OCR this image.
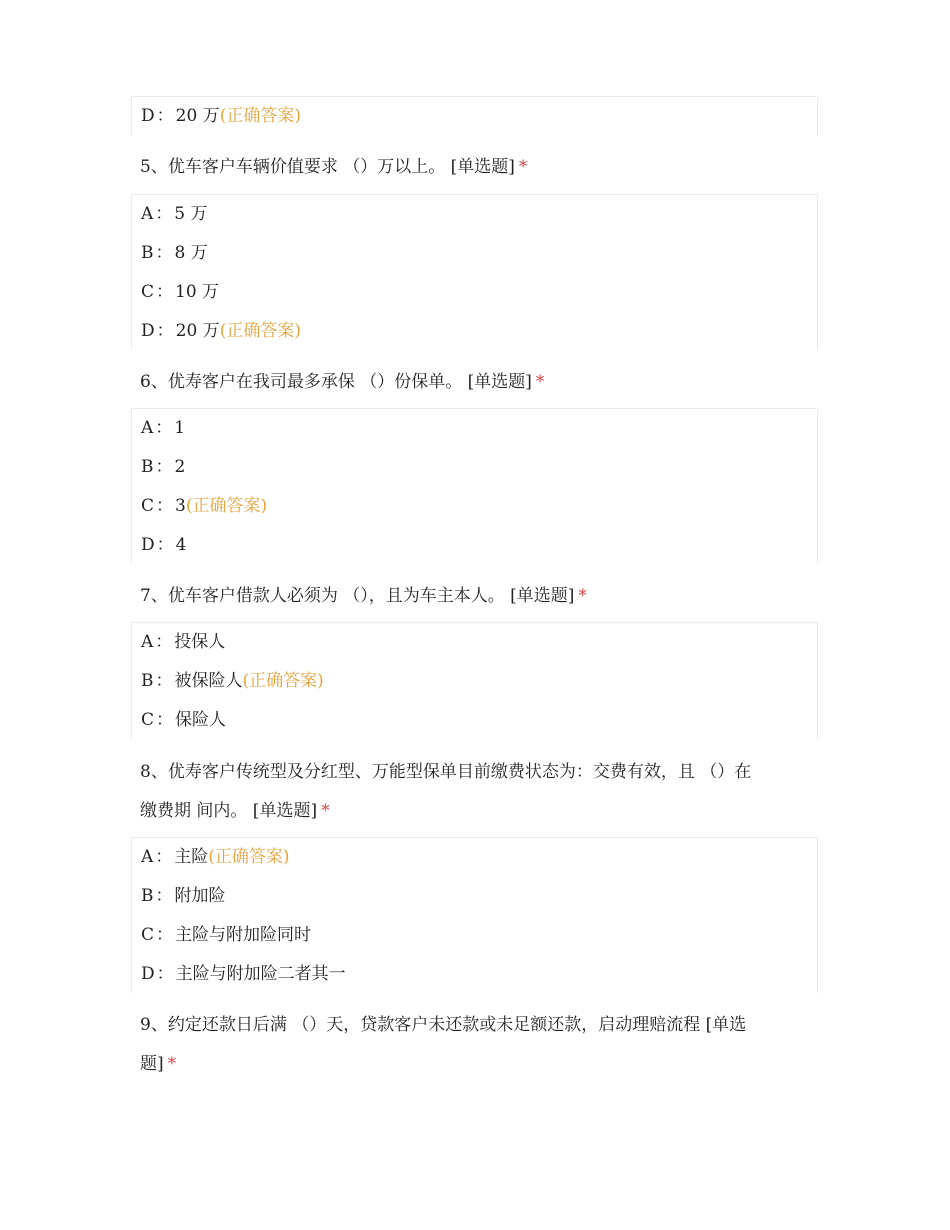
D ： 20 万(正确答案)
5、优车客户车辆价值要求 （）万以上。 [单选题] *
A ： 5 万
B ： 8 万
C ： 10 万
D ： 20 万(正确答案)
6、优寿客户在我司最多承保 （）份保单。 [单选题] *
A ： 1
B ： 2
C ： 3(正确答案)
D ： 4
7、优车客户借款人必须为 （），且为车主本人。 [单选题] *
A ： 投保人
B ： 被保险人(正确答案)
C ： 保险人
8、优寿客户传统型及分红型、万能型保单目前缴费状态为：交费有效，且 （）在
缴费期 间内。 [单选题] *
A ： 主险(正确答案)
B ： 附加险
C ： 主险与附加险同时
D ： 主险与附加险二者其一
9、约定还款日后满 （）天，贷款客户未还款或未足额还款，启动理赔流程 [单选
题] *
